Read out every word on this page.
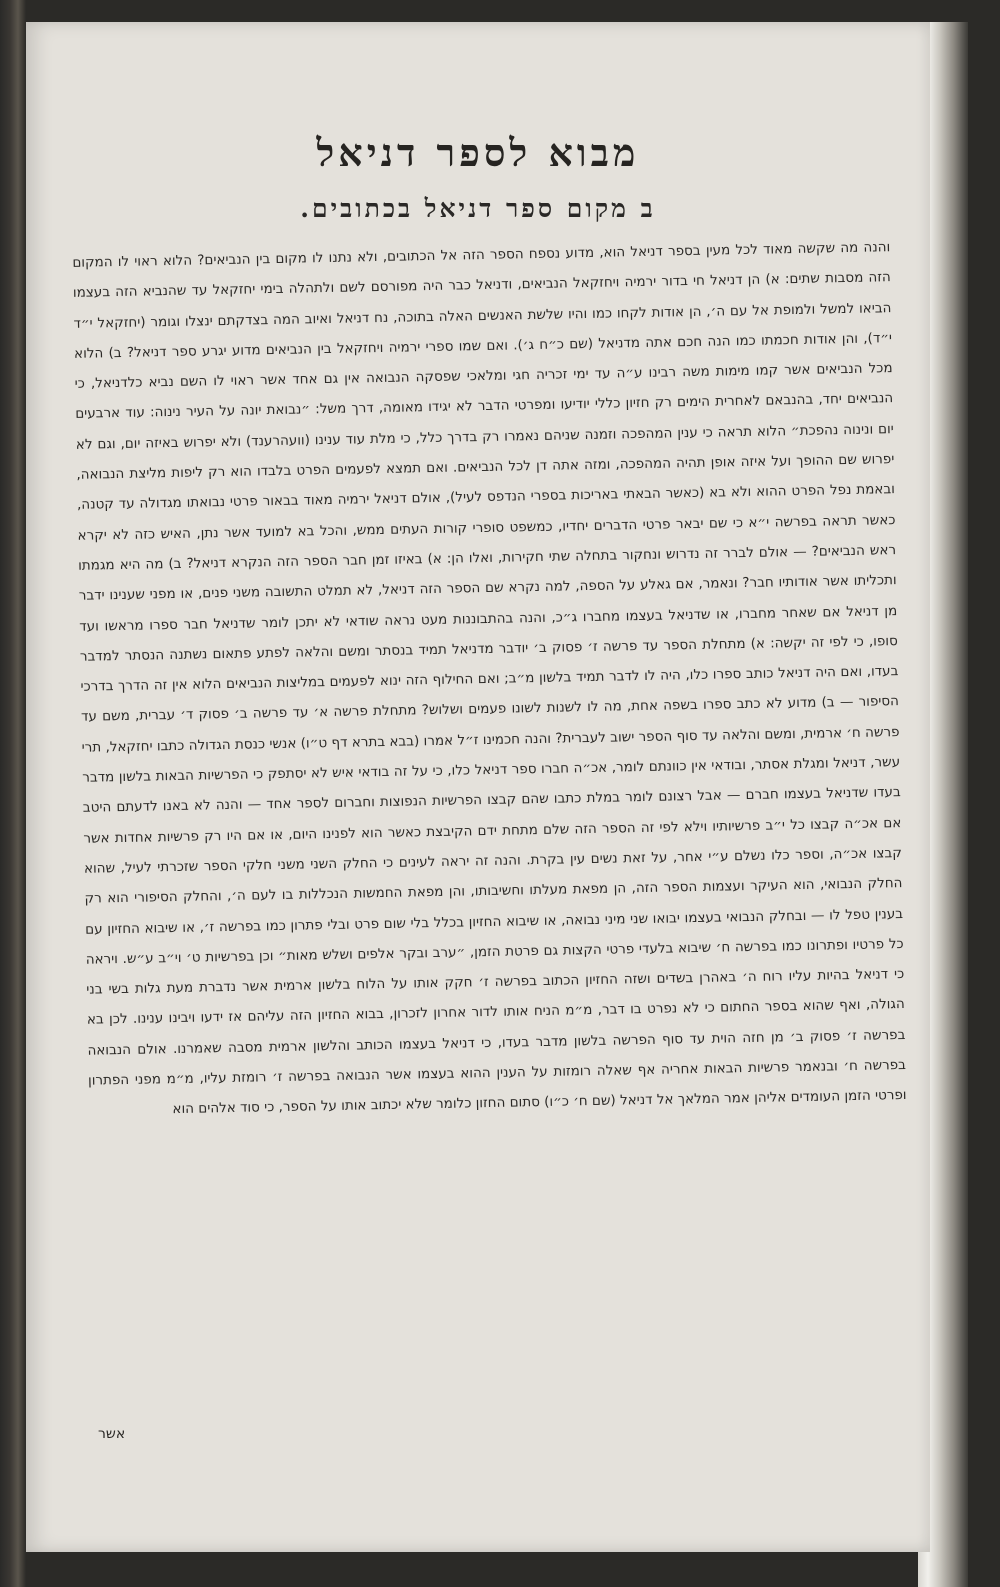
מבוא לספר דניאל
ב מקום ספר דניאל בכתובים.

והנה מה שקשה מאוד לכל מעין בספר דניאל הוא, מדוע נספח הספר הזה אל הכתובים, ולא נתנו לו מקום בין הנביאים? הלוא ראוי לו המקום הזה מסבות שתים: א) הן דניאל חי בדור ירמיה ויחזקאל הנביאים, ודניאל כבר היה מפורסם לשם ולתהלה בימי יחזקאל עד שהנביא הזה בעצמו הביאו למשל ולמופת אל עם ה׳, הן אודות לקחו כמו והיו שלשת האנשים האלה בתוכה, נח דניאל ואיוב המה בצדקתם ינצלו וגומר (יחזקאל י״ד י״ד), והן אודות חכמתו כמו הנה חכם אתה מדניאל (שם כ״ח ג׳). ואם שמו ספרי ירמיה ויחזקאל בין הנביאים מדוע יגרע ספר דניאל? ב) הלוא מכל הנביאים אשר קמו מימות משה רבינו ע״ה עד ימי זכריה חגי ומלאכי שפסקה הנבואה אין גם אחד אשר ראוי לו השם נביא כלדניאל, כי הנביאים יחד, בהנבאם לאחרית הימים רק חזיון כללי יודיעו ומפרטי הדבר לא יגידו מאומה, דרך משל: ״נבואת יונה על העיר נינוה: עוד ארבעים יום ונינוה נהפכת״ הלוא תראה כי ענין המהפכה וזמנה שניהם נאמרו רק בדרך כלל, כי מלת עוד ענינו (וועהרענד) ולא יפרוש באיזה יום, וגם לא יפרוש שם ההופך ועל איזה אופן תהיה המהפכה, ומזה אתה דן לכל הנביאים. ואם תמצא לפעמים הפרט בלבדו הוא רק ליפות מליצת הנבואה, ובאמת נפל הפרט ההוא ולא בא (כאשר הבאתי באריכות בספרי הנדפס לעיל), אולם דניאל ירמיה מאוד בבאור פרטי נבואתו מגדולה עד קטנה, כאשר תראה בפרשה י״א כי שם יבאר פרטי הדברים יחדיו, כמשפט סופרי קורות העתים ממש, והכל בא למועד אשר נתן, האיש כזה לא יקרא ראש הנביאים? — אולם לברר זה נדרוש ונחקור בתחלה שתי חקירות, ואלו הן: א) באיזו זמן חבר הספר הזה הנקרא דניאל? ב) מה היא מגמתו ותכליתו אשר אודותיו חבר? ונאמר, אם גאלע על הספה, למה נקרא שם הספר הזה דניאל, לא תמלט התשובה משני פנים, או מפני שענינו ידבר מן דניאל אם שאחר מחברו, או שדניאל בעצמו מחברו ג״כ, והנה בהתבוננות מעט נראה שודאי לא יתכן לומר שדניאל חבר ספרו מראשו ועד סופו, כי לפי זה יקשה: א) מתחלת הספר עד פרשה ז׳ פסוק ב׳ יודבר מדניאל תמיד בנסתר ומשם והלאה לפתע פתאום נשתנה הנסתר למדבר בעדו, ואם היה דניאל כותב ספרו כלו, היה לו לדבר תמיד בלשון מ״ב; ואם החילוף הזה ינוא לפעמים במליצות הנביאים הלוא אין זה הדרך בדרכי הסיפור — ב) מדוע לא כתב ספרו בשפה אחת, מה לו לשנות לשונו פעמים ושלוש? מתחלת פרשה א׳ עד פרשה ב׳ פסוק ד׳ עברית, משם עד פרשה ח׳ ארמית, ומשם והלאה עד סוף הספר ישוב לעברית? והנה חכמינו ז״ל אמרו (בבא בתרא דף ט״ו) אנשי כנסת הגדולה כתבו יחזקאל, תרי עשר, דניאל ומגלת אסתר, ובודאי אין כוונתם לומר, אכ״ה חברו ספר דניאל כלו, כי על זה בודאי איש לא יסתפק כי הפרשיות הבאות בלשון מדבר בעדו שדניאל בעצמו חברם — אבל רצונם לומר במלת כתבו שהם קבצו הפרשיות הנפוצות וחברום לספר אחד — והנה לא באנו לדעתם היטב אם אכ״ה קבצו כל י״ב פרשיותיו וילא לפי זה הספר הזה שלם מתחת ידם הקיבצת כאשר הוא לפנינו היום, או אם היו רק פרשיות אחדות אשר קבצו אכ״ה, וספר כלו נשלם ע״י אחר, על זאת נשים עין בקרת. והנה זה יראה לעינים כי החלק השני משני חלקי הספר שזכרתי לעיל, שהוא החלק הנבואי, הוא העיקר ועצמות הספר הזה, הן מפאת מעלתו וחשיבותו, והן מפאת החמשות הנכללות בו לעם ה׳, והחלק הסיפורי הוא רק בענין טפל לו — ובחלק הנבואי בעצמו יבואו שני מיני נבואה, או שיבוא החזיון בכלל בלי שום פרט ובלי פתרון כמו בפרשה ז׳, או שיבוא החזיון עם כל פרטיו ופתרונו כמו בפרשה ח׳ שיבוא בלעדי פרטי הקצות גם פרטת הזמן, ״ערב ובקר אלפים ושלש מאות״ וכן בפרשיות ט׳ וי״ב ע״ש. ויראה כי דניאל בהיות עליו רוח ה׳ באהרן בשדים ושזה החזיון הכתוב בפרשה ז׳ חקק אותו על הלוח בלשון ארמית אשר נדברת מעת גלות בשי בני הגולה, ואף שהוא בספר החתום כי לא נפרט בו דבר, מ״מ הניח אותו לדור אחרון לזכרון, בבוא החזיון הזה עליהם אז ידעו ויבינו ענינו. לכן בא בפרשה ז׳ פסוק ב׳ מן חזה הוית עד סוף הפרשה בלשון מדבר בעדו, כי דניאל בעצמו הכותב והלשון ארמית מסבה שאמרנו. אולם הנבואה בפרשה ח׳ ובנאמר פרשיות הבאות אחריה אף שאלה רומזות על הענין ההוא בעצמו אשר הנבואה בפרשה ז׳ רומזת עליו, מ״מ מפני הפתרון ופרטי הזמן העומדים אליהן אמר המלאך אל דניאל (שם ח׳ כ״ו) סתום החזון כלומר שלא יכתוב אותו על הספר, כי סוד אלהים הוא

אשר
